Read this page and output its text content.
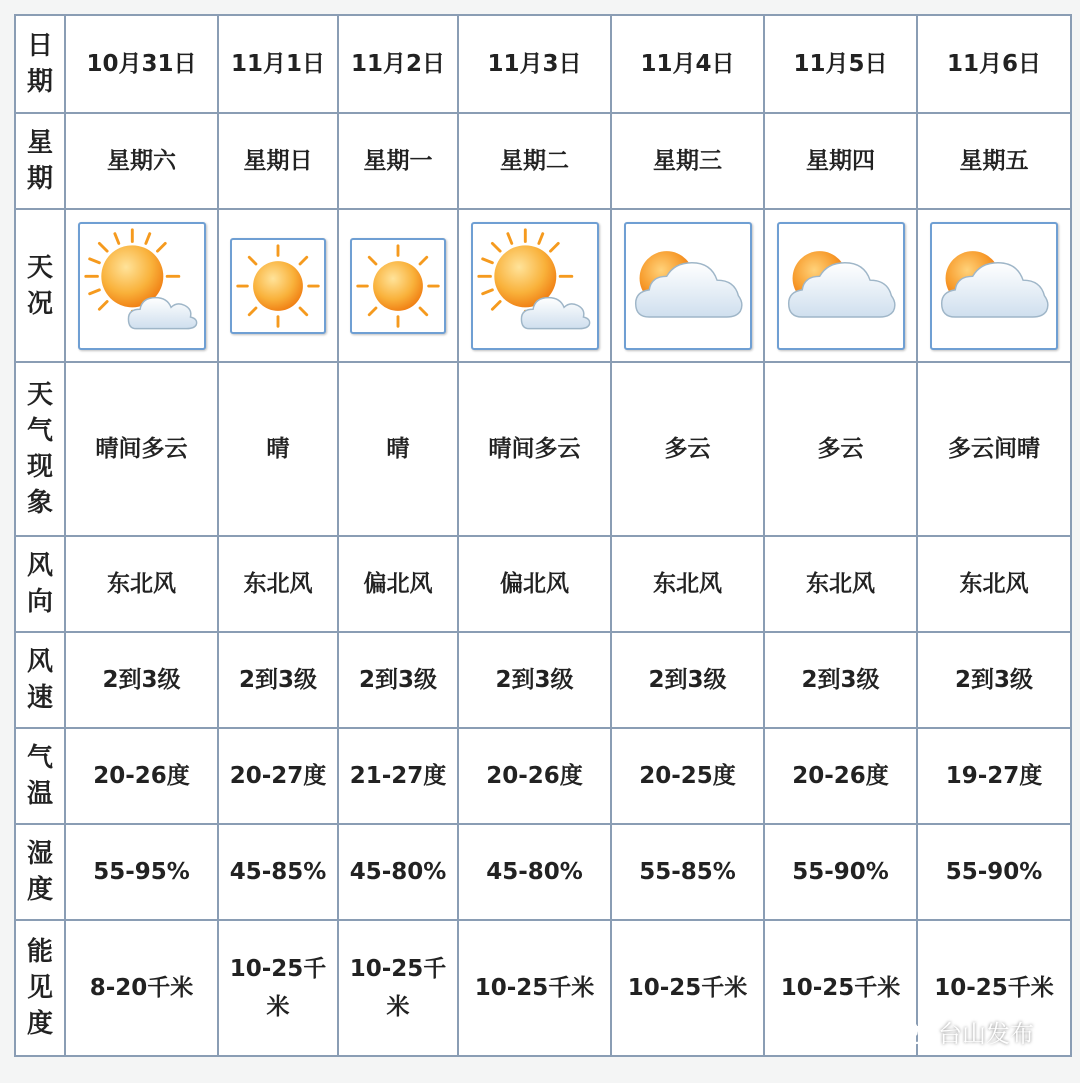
日期	10月31日	11月1日	11月2日	11月3日	11月4日	11月5日	11月6日
星期	星期六	星期日	星期一	星期二	星期三	星期四	星期五
天况	

天气现象	晴间多云	晴	晴	晴间多云	多云	多云	多云间晴
风向	东北风	东北风	偏北风	偏北风	东北风	东北风	东北风
风速	2到3级	2到3级	2到3级	2到3级	2到3级	2到3级	2到3级
气温	20-26度	20-27度	21-27度	20-26度	20-25度	20-26度	19-27度
湿度	55-95%	45-85%	45-80%	45-80%	55-85%	55-90%	55-90%
能见度	8-20千米	10-25千米	10-25千米	10-25千米	10-25千米	10-25千米	10-25千米
台山发布
